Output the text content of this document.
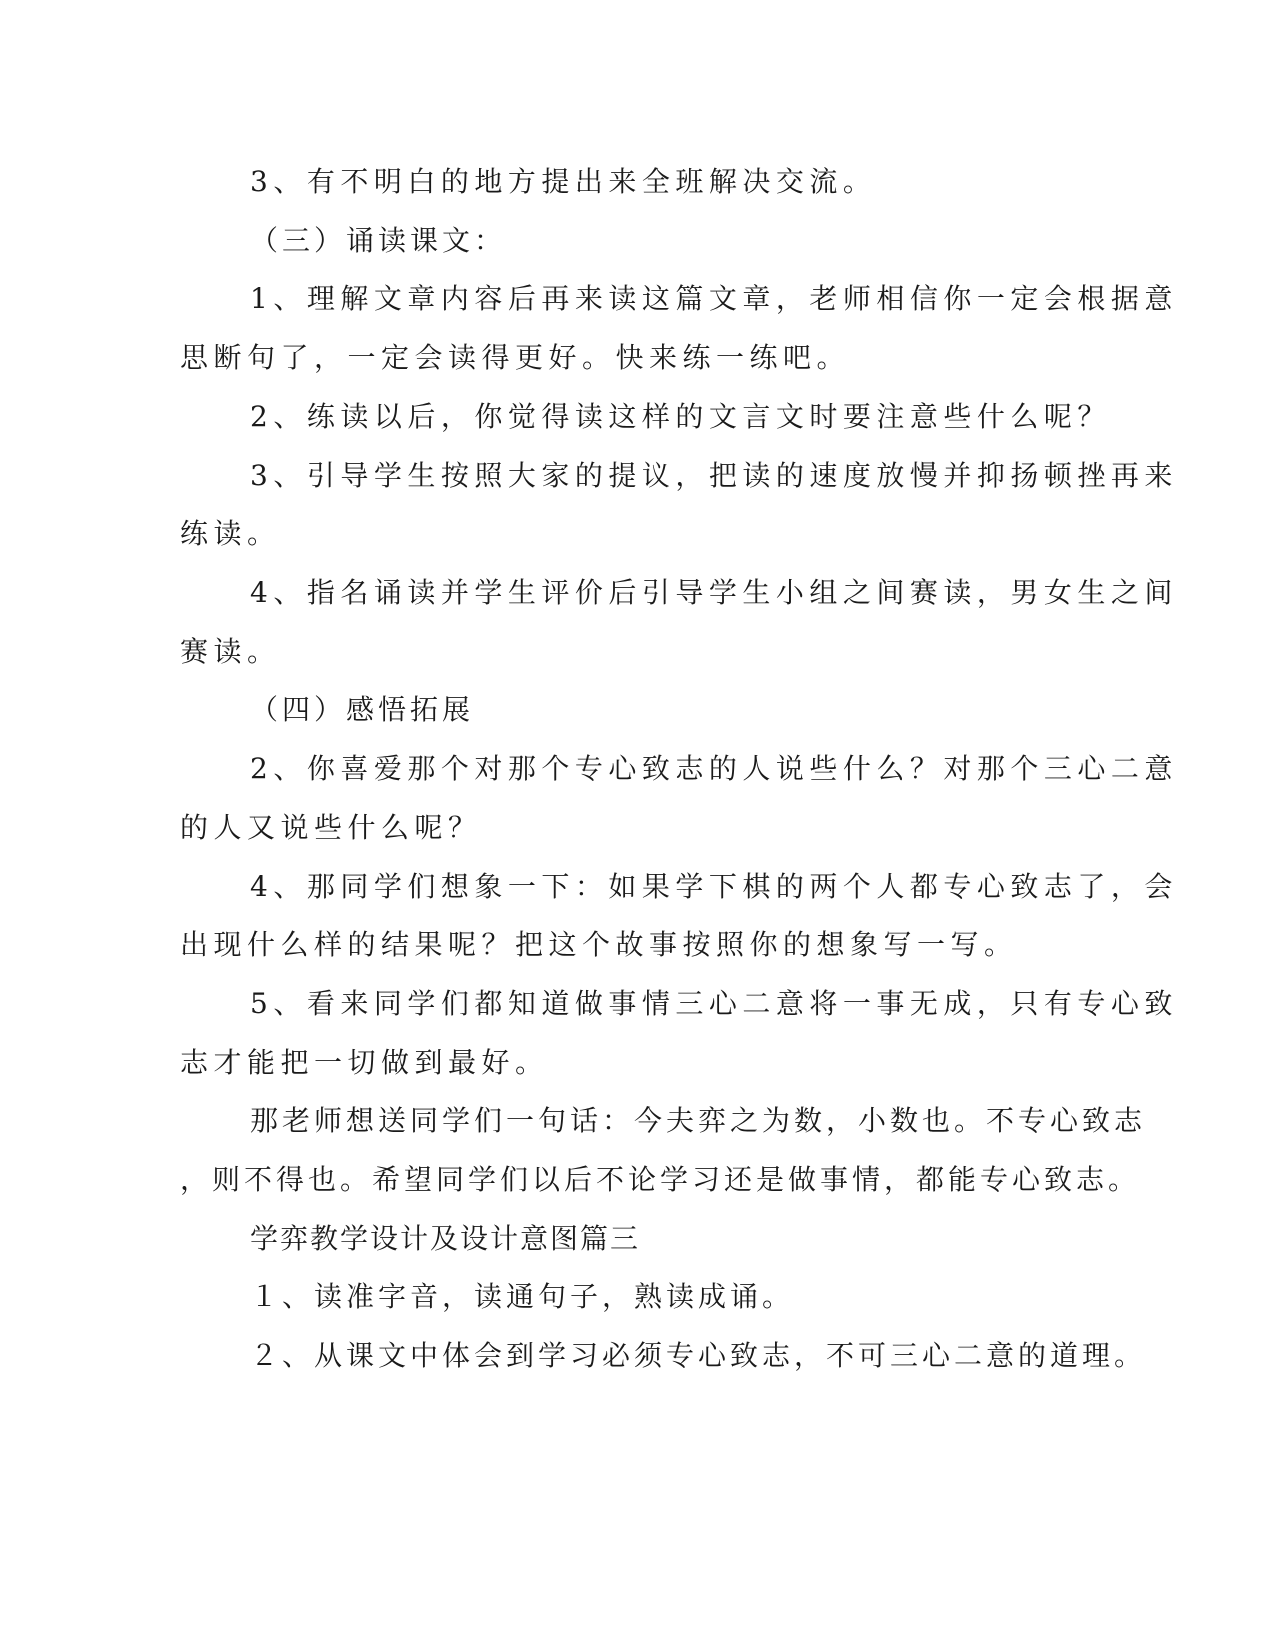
3、有不明白的地方提出来全班解决交流。
（三）诵读课文：
1、理解文章内容后再来读这篇文章，老师相信你一定会根据意
思断句了，一定会读得更好。快来练一练吧。
2、练读以后，你觉得读这样的文言文时要注意些什么呢？
3、引导学生按照大家的提议，把读的速度放慢并抑扬顿挫再来
练读。
4、指名诵读并学生评价后引导学生小组之间赛读，男女生之间
赛读。
（四）感悟拓展
2、你喜爱那个对那个专心致志的人说些什么？对那个三心二意
的人又说些什么呢？
4、那同学们想象一下：如果学下棋的两个人都专心致志了，会
出现什么样的结果呢？把这个故事按照你的想象写一写。
5、看来同学们都知道做事情三心二意将一事无成，只有专心致
志才能把一切做到最好。
那老师想送同学们一句话：今夫弈之为数，小数也。不专心致志
，则不得也。希望同学们以后不论学习还是做事情，都能专心致志。
学弈教学设计及设计意图篇三
１、读准字音，读通句子，熟读成诵。
２、从课文中体会到学习必须专心致志，不可三心二意的道理。
